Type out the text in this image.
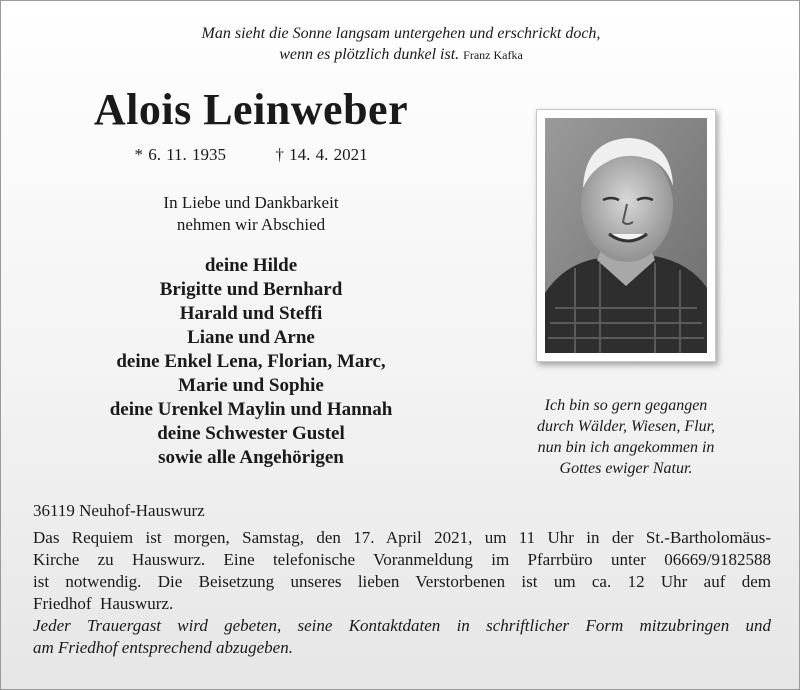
Man sieht die Sonne langsam untergehen und erschrickt doch,
wenn es plötzlich dunkel ist. Franz Kafka
Alois Leinweber
* 6. 11. 1935	† 14. 4. 2021
In Liebe und Dankbarkeit
nehmen wir Abschied
deine Hilde
Brigitte und Bernhard
Harald und Steffi
Liane und Arne
deine Enkel Lena, Florian, Marc,
Marie und Sophie
deine Urenkel Maylin und Hannah
deine Schwester Gustel
sowie alle Angehörigen
Ich bin so gern gegangen
durch Wälder, Wiesen, Flur,
nun bin ich angekommen in
Gottes ewiger Natur.
36119 Neuhof-Hauswurz
Das Requiem ist morgen, Samstag, den 17. April 2021, um 11 Uhr in der St.-Bartholomäus-
Kirche zu Hauswurz. Eine telefonische Voranmeldung im Pfarrbüro unter 06669/9182588
ist notwendig. Die Beisetzung unseres lieben Verstorbenen ist um ca. 12 Uhr auf dem
Friedhof  Hauswurz.
Jeder Trauergast wird gebeten, seine Kontaktdaten in schriftlicher Form mitzubringen und
am Friedhof entsprechend abzugeben.
